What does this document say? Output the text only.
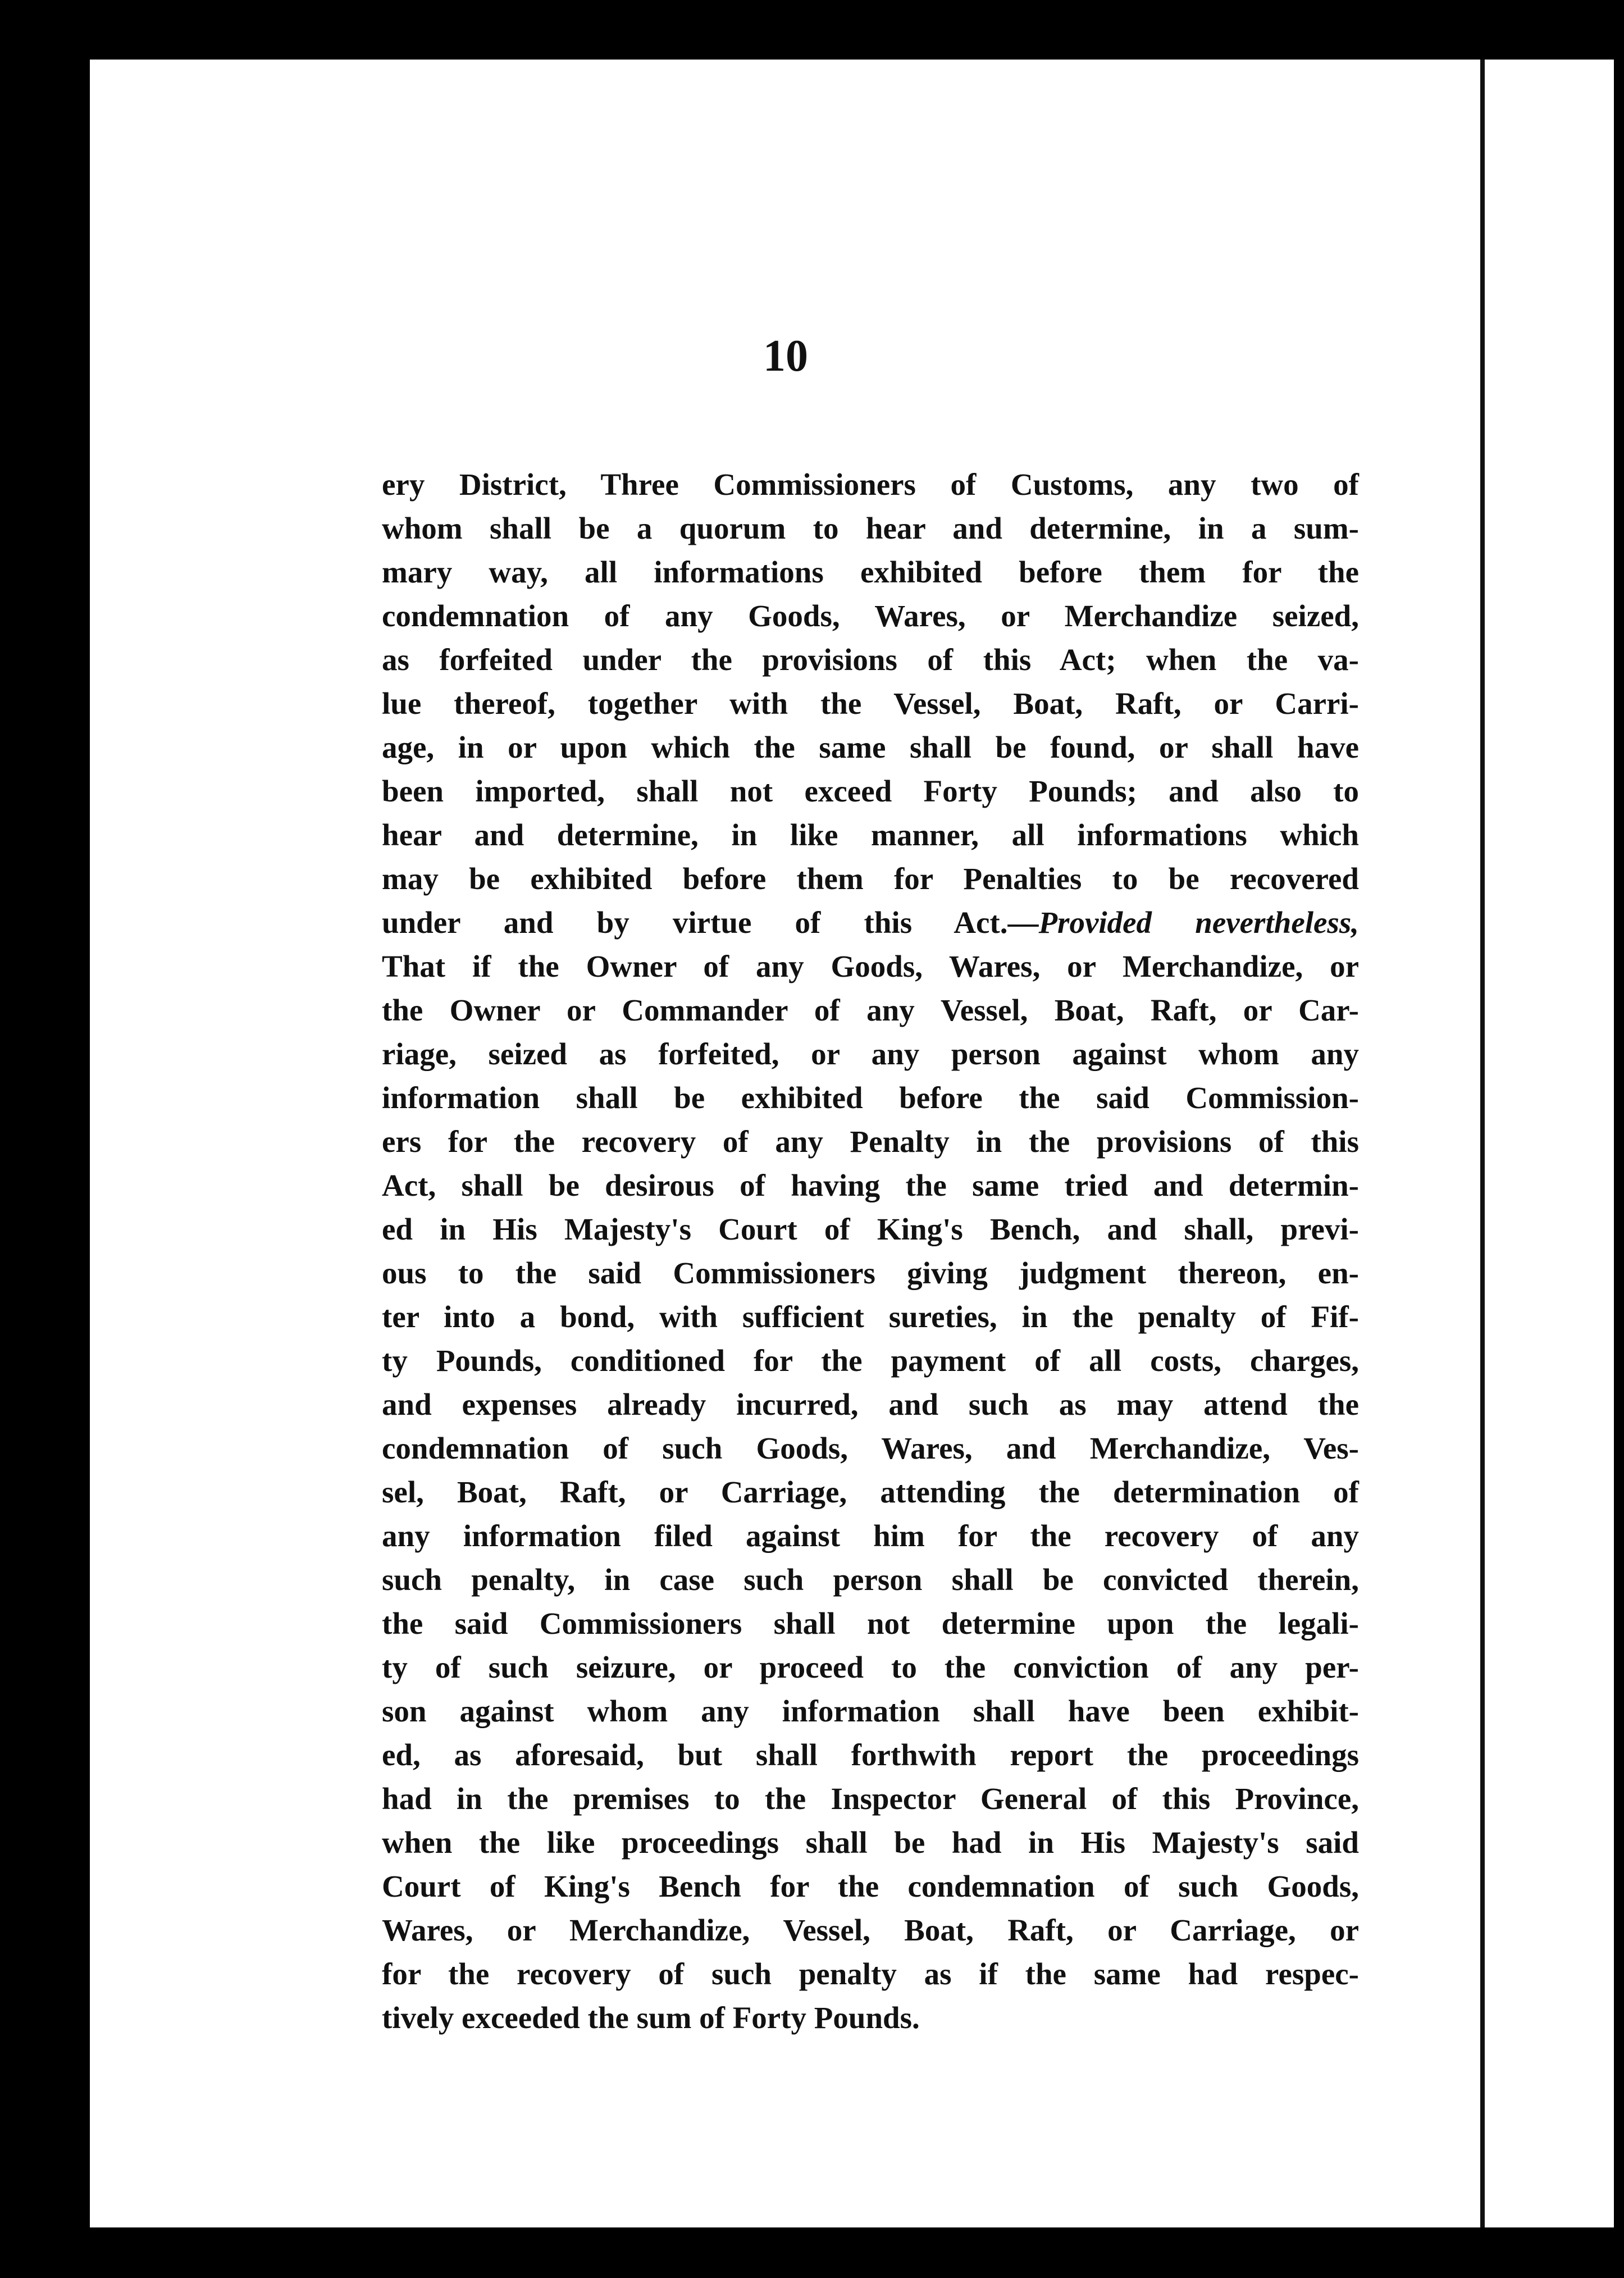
10
ery District, Three Commissioners of Customs, any two of
whom shall be a quorum to hear and determine, in a sum-
mary way, all informations exhibited before them for the
condemnation of any Goods, Wares, or Merchandize seized,
as forfeited under the provisions of this Act; when the va-
lue thereof, together with the Vessel, Boat, Raft, or Carri-
age, in or upon which the same shall be found, or shall have
been imported, shall not exceed Forty Pounds; and also to
hear and determine, in like manner, all informations which
may be exhibited before them for Penalties to be recovered
under and by virtue of this Act.—Provided nevertheless,
That if the Owner of any Goods, Wares, or Merchandize, or
the Owner or Commander of any Vessel, Boat, Raft, or Car-
riage, seized as forfeited, or any person against whom any
information shall be exhibited before the said Commission-
ers for the recovery of any Penalty in the provisions of this
Act, shall be desirous of having the same tried and determin-
ed in His Majesty's Court of King's Bench, and shall, previ-
ous to the said Commissioners giving judgment thereon, en-
ter into a bond, with sufficient sureties, in the penalty of Fif-
ty Pounds, conditioned for the payment of all costs, charges,
and expenses already incurred, and such as may attend the
condemnation of such Goods, Wares, and Merchandize, Ves-
sel, Boat, Raft, or Carriage, attending the determination of
any information filed against him for the recovery of any
such penalty, in case such person shall be convicted therein,
the said Commissioners shall not determine upon the legali-
ty of such seizure, or proceed to the conviction of any per-
son against whom any information shall have been exhibit-
ed, as aforesaid, but shall forthwith report the proceedings
had in the premises to the Inspector General of this Province,
when the like proceedings shall be had in His Majesty's said
Court of King's Bench for the condemnation of such Goods,
Wares, or Merchandize, Vessel, Boat, Raft, or Carriage, or
for the recovery of such penalty as if the same had respec-
tively exceeded the sum of Forty Pounds.
